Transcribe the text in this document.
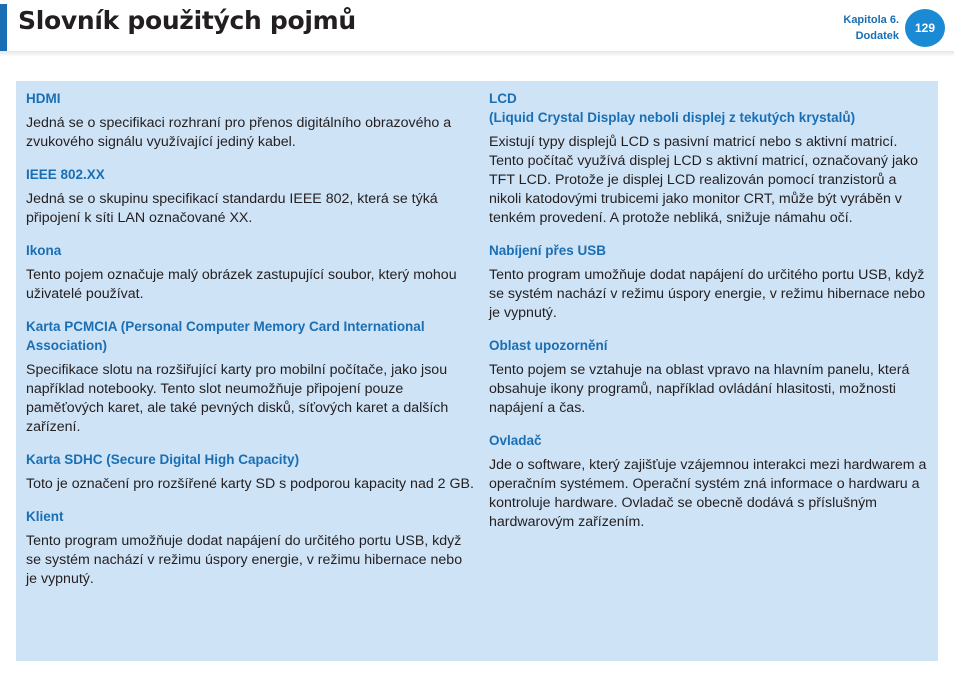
Slovník použitých pojmů	Kapitola 6.
Dodatek
129

HDMI

Jedná se o specifikaci rozhraní pro přenos digitálního obrazového a zvukového signálu využívající jediný kabel.

IEEE 802.XX

Jedná se o skupinu specifikací standardu IEEE 802, která se týká připojení k síti LAN označované XX.

Ikona

Tento pojem označuje malý obrázek zastupující soubor, který mohou uživatelé používat.

Karta PCMCIA (Personal Computer Memory Card International Association)

Specifikace slotu na rozšiřující karty pro mobilní počítače, jako jsou například notebooky. Tento slot neumožňuje připojení pouze paměťových karet, ale také pevných disků, síťových karet a dalších zařízení.

Karta SDHC (Secure Digital High Capacity)

Toto je označení pro rozšířené karty SD s podporou kapacity nad 2 GB.

Klient

Tento program umožňuje dodat napájení do určitého portu USB, když se systém nachází v režimu úspory energie, v režimu hibernace nebo je vypnutý.

LCD
(Liquid Crystal Display neboli displej z tekutých krystalů)

Existují typy displejů LCD s pasivní matricí nebo s aktivní matricí. Tento počítač využívá displej LCD s aktivní matricí, označovaný jako TFT LCD. Protože je displej LCD realizován pomocí tranzistorů a nikoli katodovými trubicemi jako monitor CRT, může být vyráběn v tenkém provedení. A protože nebliká, snižuje námahu očí.

Nabíjení přes USB

Tento program umožňuje dodat napájení do určitého portu USB, když se systém nachází v režimu úspory energie, v režimu hibernace nebo je vypnutý.

Oblast upozornění

Tento pojem se vztahuje na oblast vpravo na hlavním panelu, která obsahuje ikony programů, například ovládání hlasitosti, možnosti napájení a čas.

Ovladač

Jde o software, který zajišťuje vzájemnou interakci mezi hardwarem a operačním systémem. Operační systém zná informace o hardwaru a kontroluje hardware. Ovladač se obecně dodává s příslušným hardwarovým zařízením.
